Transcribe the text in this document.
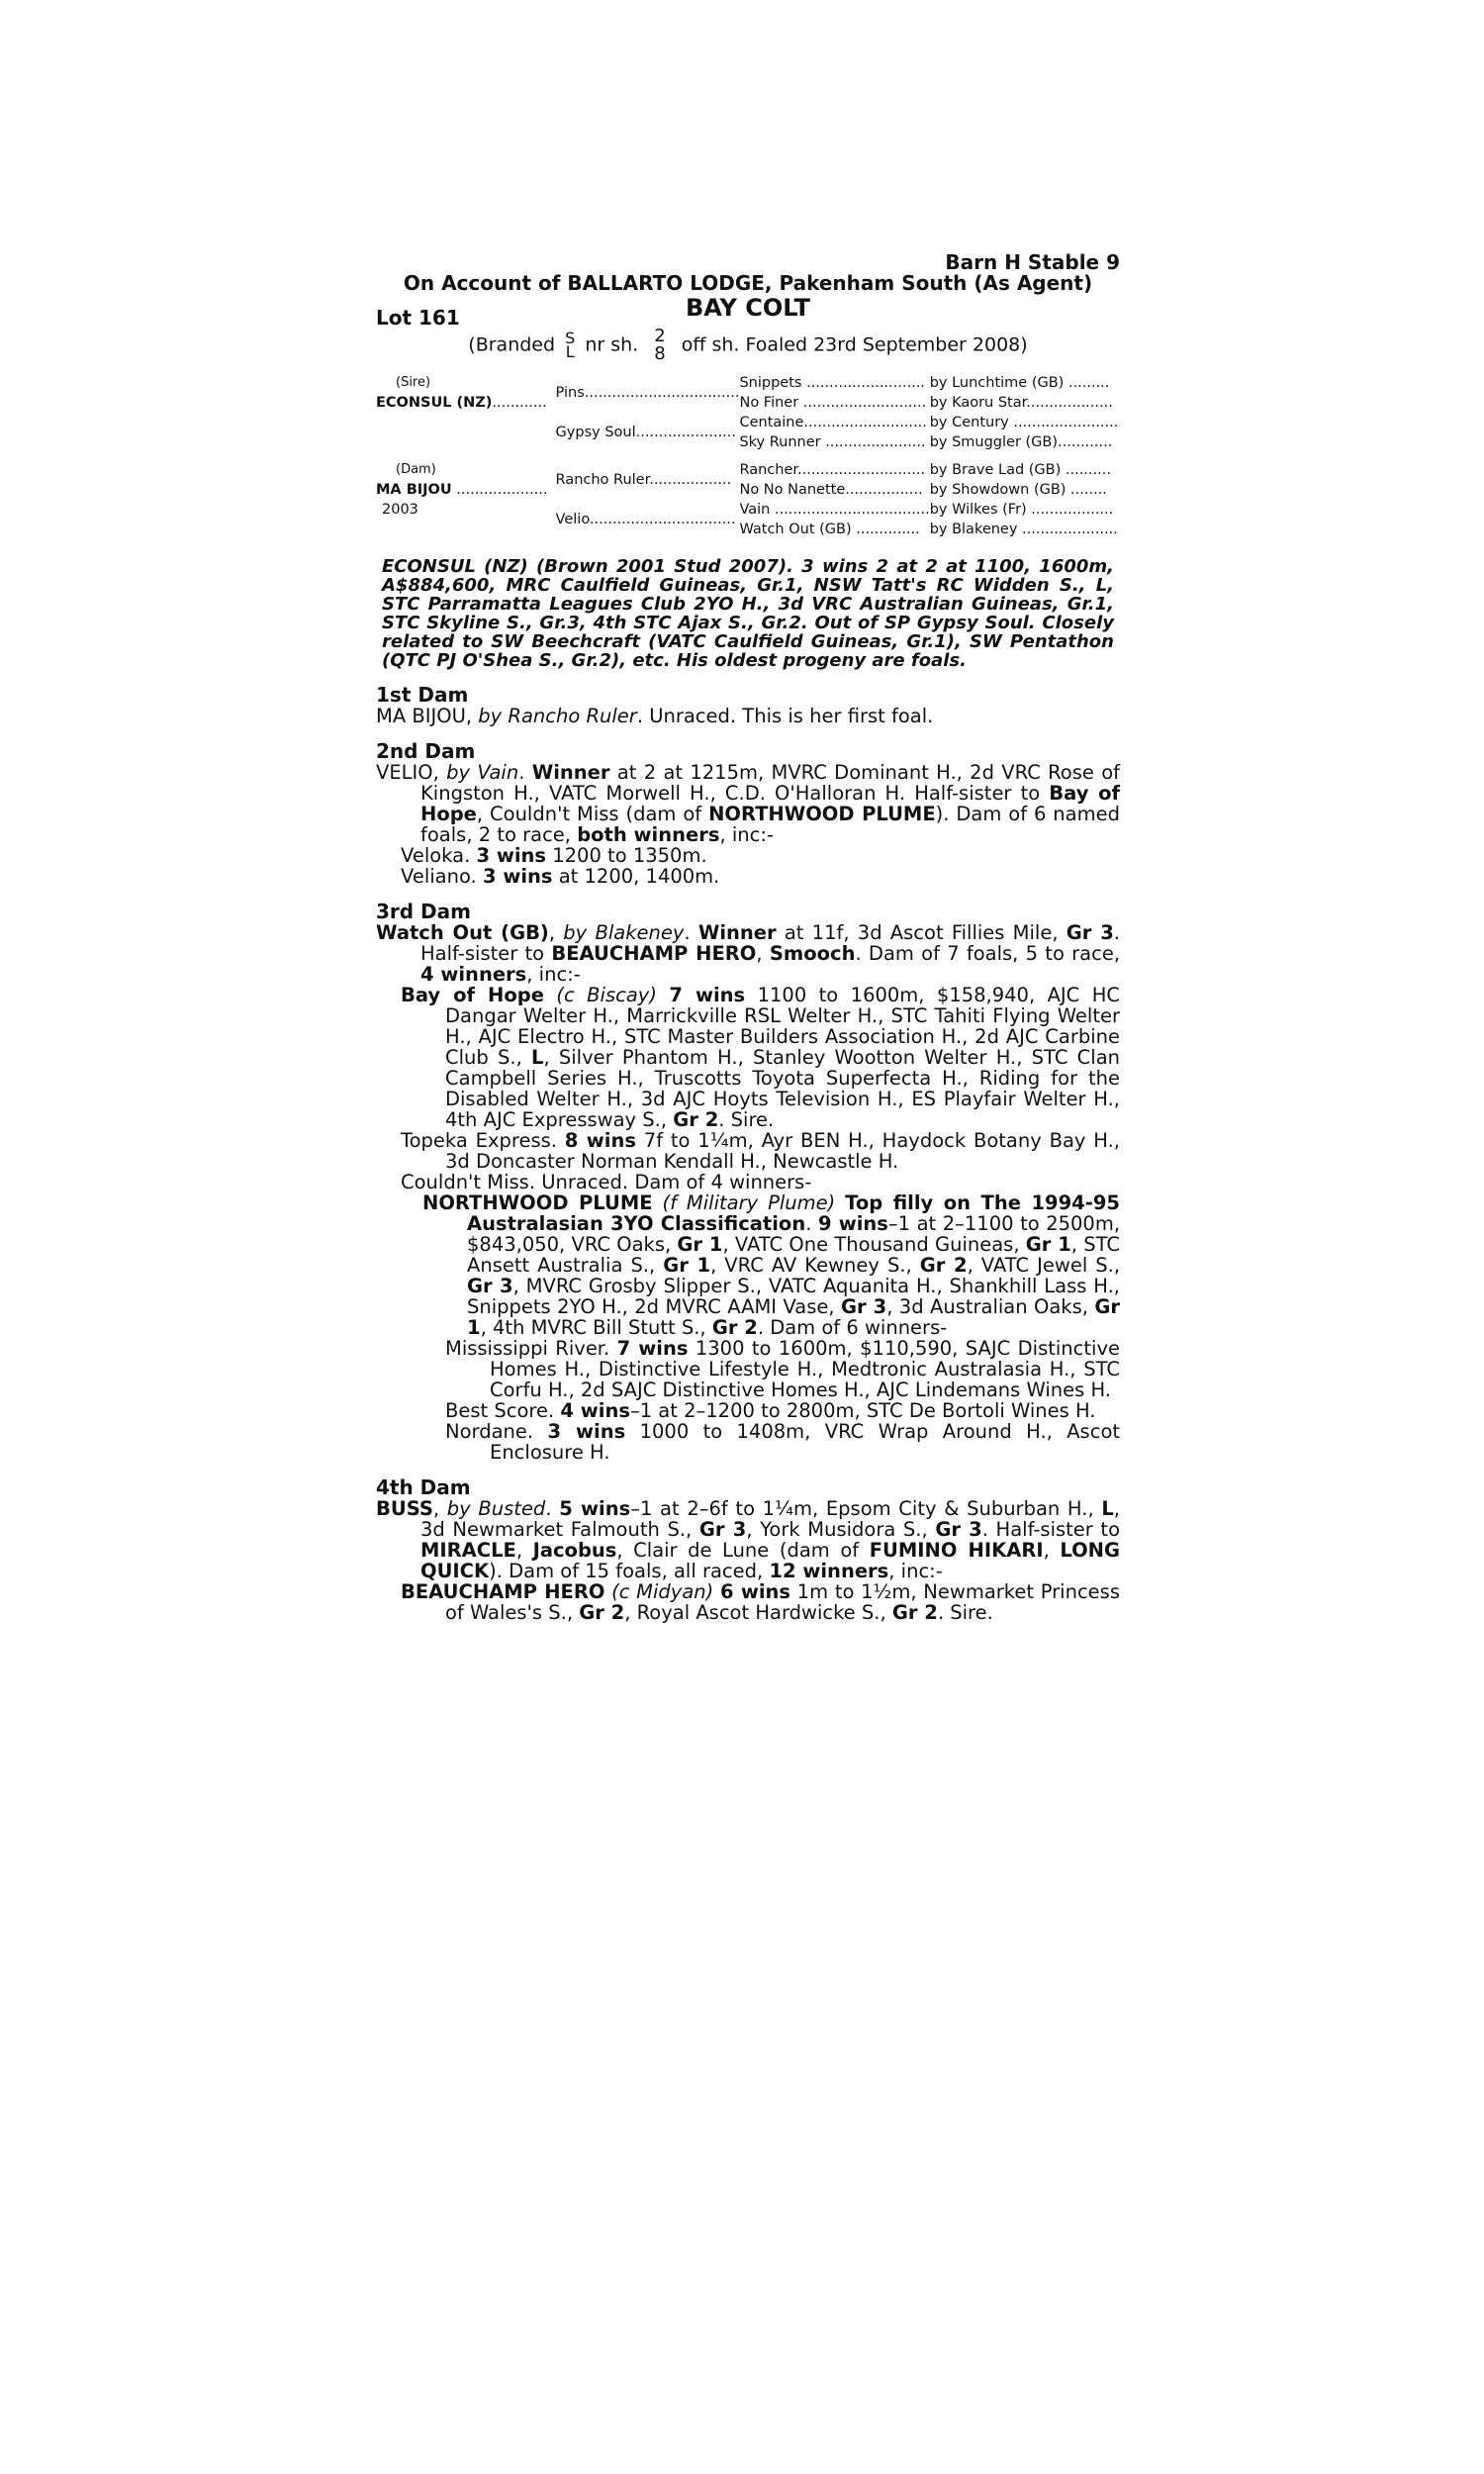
Barn H Stable 9
On Account of BALLARTO LODGE, Pakenham South (As Agent)
Lot 161	BAY COLT
(Branded S
L nr sh. 2
8 off sh. Foaled 23rd September 2008)
(Sire)	Pins..................................	Snippets ..........................	by Lunchtime (GB) .........
ECONSUL (NZ)............		No Finer ...........................	by Kaoru Star...................
	Gypsy Soul......................	Centaine...........................	by Century .......................
		Sky Runner ......................	by Smuggler (GB)............
(Dam)	Rancho Ruler..................	Rancher............................	by Brave Lad (GB) ..........
MA BIJOU ....................		No No Nanette.................	by Showdown (GB) ........
2003	Velio................................	Vain ..................................	by Wilkes (Fr) ..................
		Watch Out (GB) ..............	by Blakeney .....................
ECONSUL (NZ) (Brown 2001 Stud 2007). 3 wins 2 at 2 at 1100, 1600m, A$884,600, MRC Caulfield Guineas, Gr.1, NSW Tatt's RC Widden S., L, STC Parramatta Leagues Club 2YO H., 3d VRC Australian Guineas, Gr.1, STC Skyline S., Gr.3, 4th STC Ajax S., Gr.2. Out of SP Gypsy Soul. Closely related to SW Beechcraft (VATC Caulfield Guineas, Gr.1), SW Pentathon (QTC PJ O'Shea S., Gr.2), etc. His oldest progeny are foals.
1st Dam

MA BIJOU, by Rancho Ruler. Unraced. This is her first foal.

2nd Dam

VELIO, by Vain. Winner at 2 at 1215m, MVRC Dominant H., 2d VRC Rose of Kingston H., VATC Morwell H., C.D. O'Halloran H. Half-sister to Bay of Hope, Couldn't Miss (dam of NORTHWOOD PLUME). Dam of 6 named foals, 2 to race, both winners, inc:-

Veloka. 3 wins 1200 to 1350m.

Veliano. 3 wins at 1200, 1400m.

3rd Dam

Watch Out (GB), by Blakeney. Winner at 11f, 3d Ascot Fillies Mile, Gr 3. Half-sister to BEAUCHAMP HERO, Smooch. Dam of 7 foals, 5 to race, 4 winners, inc:-

Bay of Hope (c Biscay) 7 wins 1100 to 1600m, $158,940, AJC HC Dangar Welter H., Marrickville RSL Welter H., STC Tahiti Flying Welter H., AJC Electro H., STC Master Builders Association H., 2d AJC Carbine Club S., L, Silver Phantom H., Stanley Wootton Welter H., STC Clan Campbell Series H., Truscotts Toyota Superfecta H., Riding for the Disabled Welter H., 3d AJC Hoyts Television H., ES Playfair Welter H., 4th AJC Expressway S., Gr 2. Sire.

Topeka Express. 8 wins 7f to 1¼m, Ayr BEN H., Haydock Botany Bay H., 3d Doncaster Norman Kendall H., Newcastle H.

Couldn't Miss. Unraced. Dam of 4 winners-

NORTHWOOD PLUME (f Military Plume) Top filly on The 1994-95 Australasian 3YO Classification. 9 wins–1 at 2–1100 to 2500m, $843,050, VRC Oaks, Gr 1, VATC One Thousand Guineas, Gr 1, STC Ansett Australia S., Gr 1, VRC AV Kewney S., Gr 2, VATC Jewel S., Gr 3, MVRC Grosby Slipper S., VATC Aquanita H., Shankhill Lass H., Snippets 2YO H., 2d MVRC AAMI Vase, Gr 3, 3d Australian Oaks, Gr 1, 4th MVRC Bill Stutt S., Gr 2. Dam of 6 winners-

Mississippi River. 7 wins 1300 to 1600m, $110,590, SAJC Distinctive Homes H., Distinctive Lifestyle H., Medtronic Australasia H., STC Corfu H., 2d SAJC Distinctive Homes H., AJC Lindemans Wines H.

Best Score. 4 wins–1 at 2–1200 to 2800m, STC De Bortoli Wines H.

Nordane. 3 wins 1000 to 1408m, VRC Wrap Around H., Ascot Enclosure H.

4th Dam

BUSS, by Busted. 5 wins–1 at 2–6f to 1¼m, Epsom City & Suburban H., L, 3d Newmarket Falmouth S., Gr 3, York Musidora S., Gr 3. Half-sister to MIRACLE, Jacobus, Clair de Lune (dam of FUMINO HIKARI, LONG QUICK). Dam of 15 foals, all raced, 12 winners, inc:-

BEAUCHAMP HERO (c Midyan) 6 wins 1m to 1½m, Newmarket Princess of Wales's S., Gr 2, Royal Ascot Hardwicke S., Gr 2. Sire.
